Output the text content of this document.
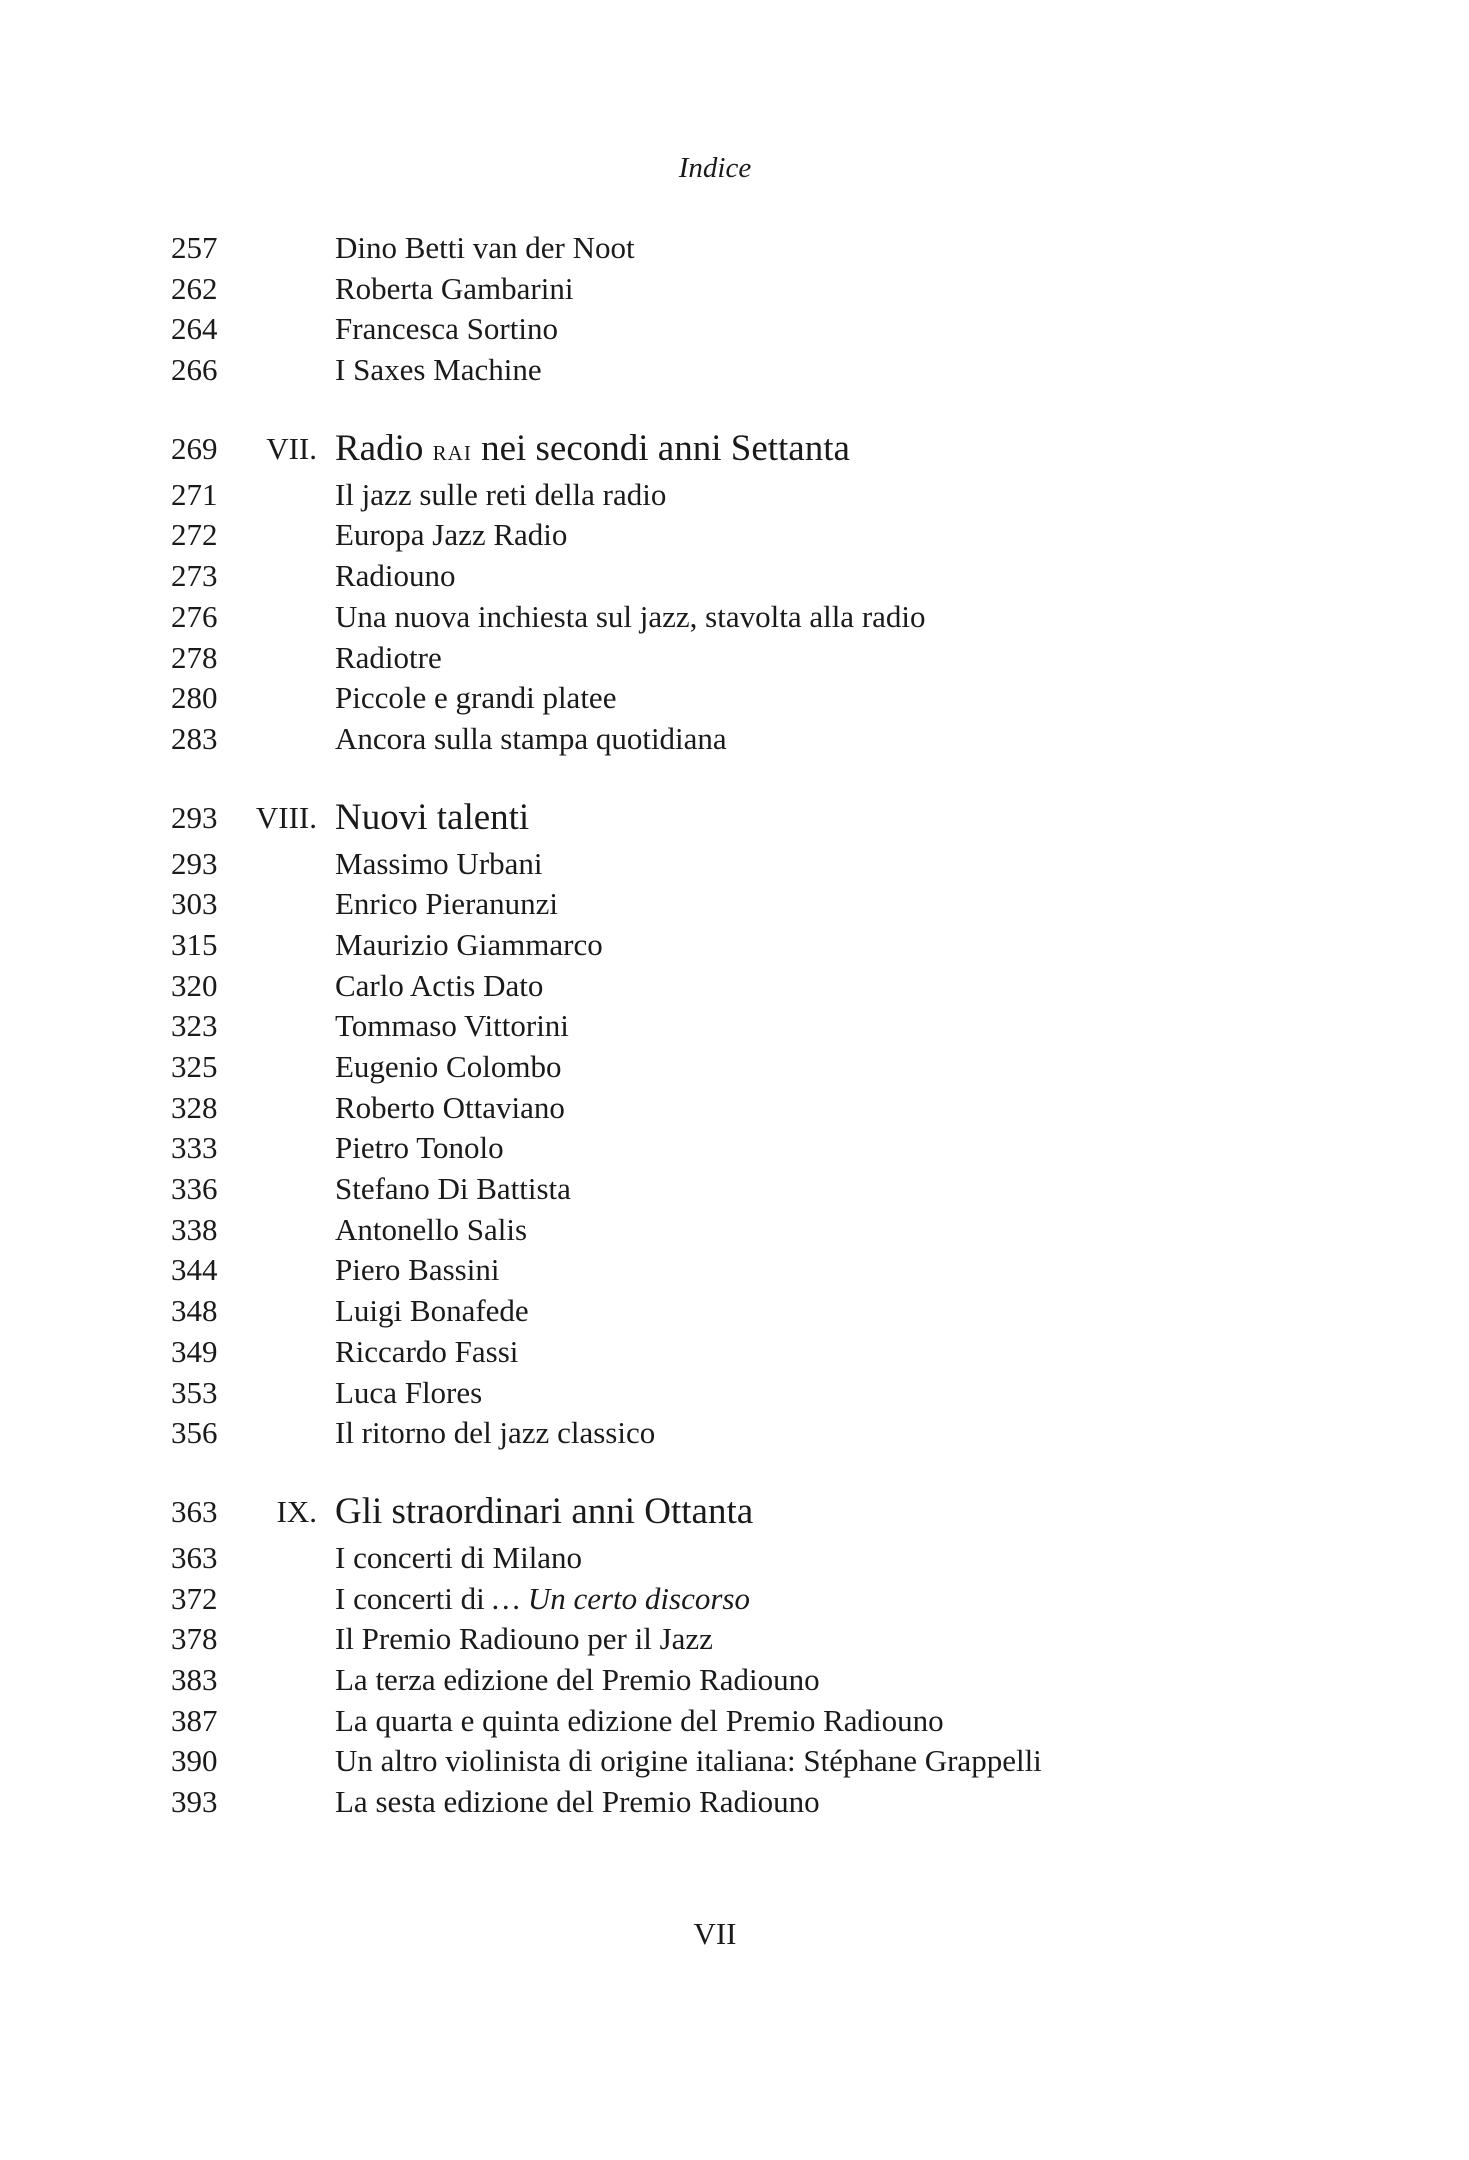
Indice
257	Dino Betti van der Noot
262	Roberta Gambarini
264	Francesca Sortino
266	I Saxes Machine
269 VII. Radio rai nei secondi anni Settanta
271	Il jazz sulle reti della radio
272	Europa Jazz Radio
273	Radiouno
276	Una nuova inchiesta sul jazz, stavolta alla radio
278	Radiotre
280	Piccole e grandi platee
283	Ancora sulla stampa quotidiana
293 VIII. Nuovi talenti
293	Massimo Urbani
303	Enrico Pieranunzi
315	Maurizio Giammarco
320	Carlo Actis Dato
323	Tommaso Vittorini
325	Eugenio Colombo
328	Roberto Ottaviano
333	Pietro Tonolo
336	Stefano Di Battista
338	Antonello Salis
344	Piero Bassini
348	Luigi Bonafede
349	Riccardo Fassi
353	Luca Flores
356	Il ritorno del jazz classico
363 IX. Gli straordinari anni Ottanta
363	I concerti di Milano
372	I concerti di … Un certo discorso
378	Il Premio Radiouno per il Jazz
383	La terza edizione del Premio Radiouno
387	La quarta e quinta edizione del Premio Radiouno
390	Un altro violinista di origine italiana: Stéphane Grappelli
393	La sesta edizione del Premio Radiouno
VII
